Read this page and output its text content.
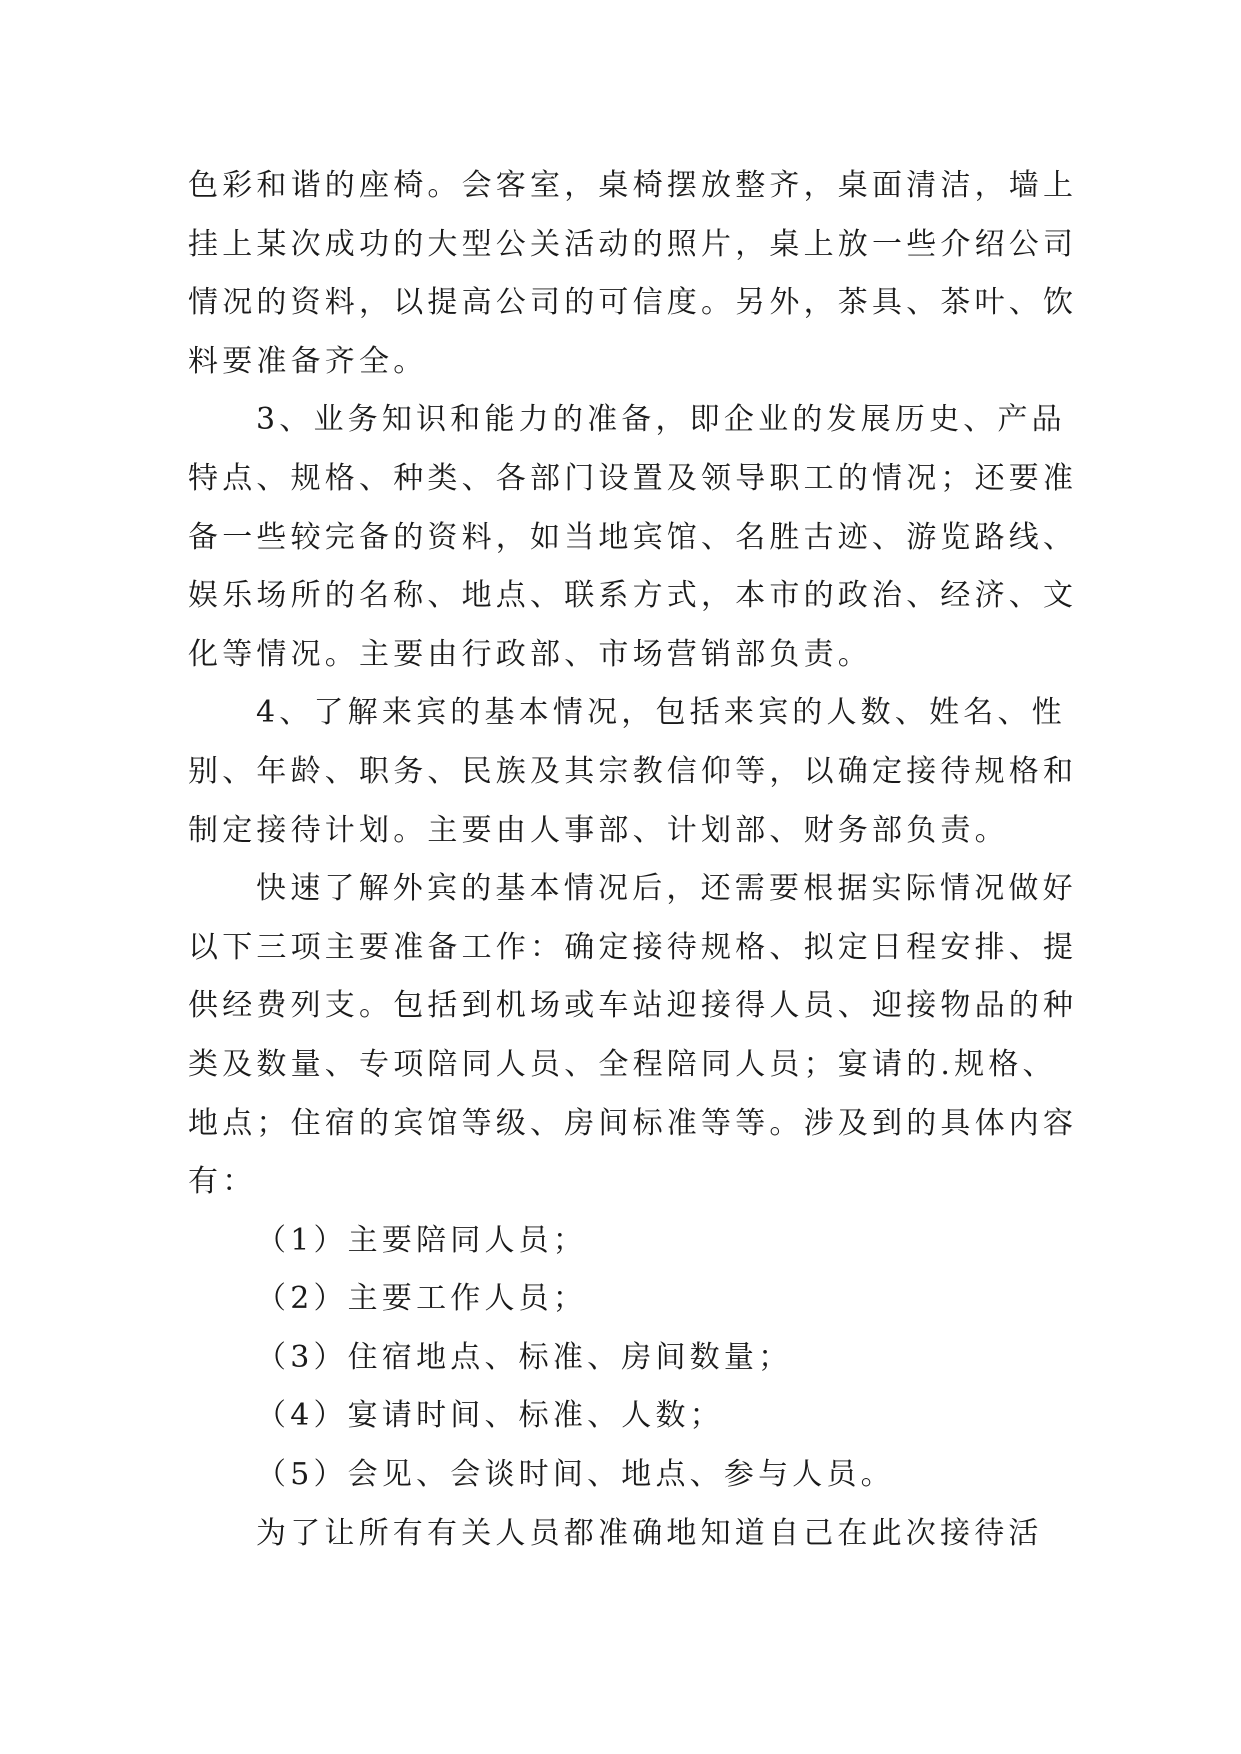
色彩和谐的座椅。会客室，桌椅摆放整齐，桌面清洁，墙上
挂上某次成功的大型公关活动的照片，桌上放一些介绍公司
情况的资料，以提高公司的可信度。另外，茶具、茶叶、饮
料要准备齐全。

3、业务知识和能力的准备，即企业的发展历史、产品
特点、规格、种类、各部门设置及领导职工的情况；还要准
备一些较完备的资料，如当地宾馆、名胜古迹、游览路线、
娱乐场所的名称、地点、联系方式，本市的政治、经济、文
化等情况。主要由行政部、市场营销部负责。

4、了解来宾的基本情况，包括来宾的人数、姓名、性
别、年龄、职务、民族及其宗教信仰等，以确定接待规格和
制定接待计划。主要由人事部、计划部、财务部负责。

快速了解外宾的基本情况后，还需要根据实际情况做好
以下三项主要准备工作：确定接待规格、拟定日程安排、提
供经费列支。包括到机场或车站迎接得人员、迎接物品的种
类及数量、专项陪同人员、全程陪同人员；宴请的.规格、
地点；住宿的宾馆等级、房间标准等等。涉及到的具体内容
有：

（1）主要陪同人员；
（2）主要工作人员；
（3）住宿地点、标准、房间数量；
（4）宴请时间、标准、人数；
（5）会见、会谈时间、地点、参与人员。

为了让所有有关人员都准确地知道自己在此次接待活
